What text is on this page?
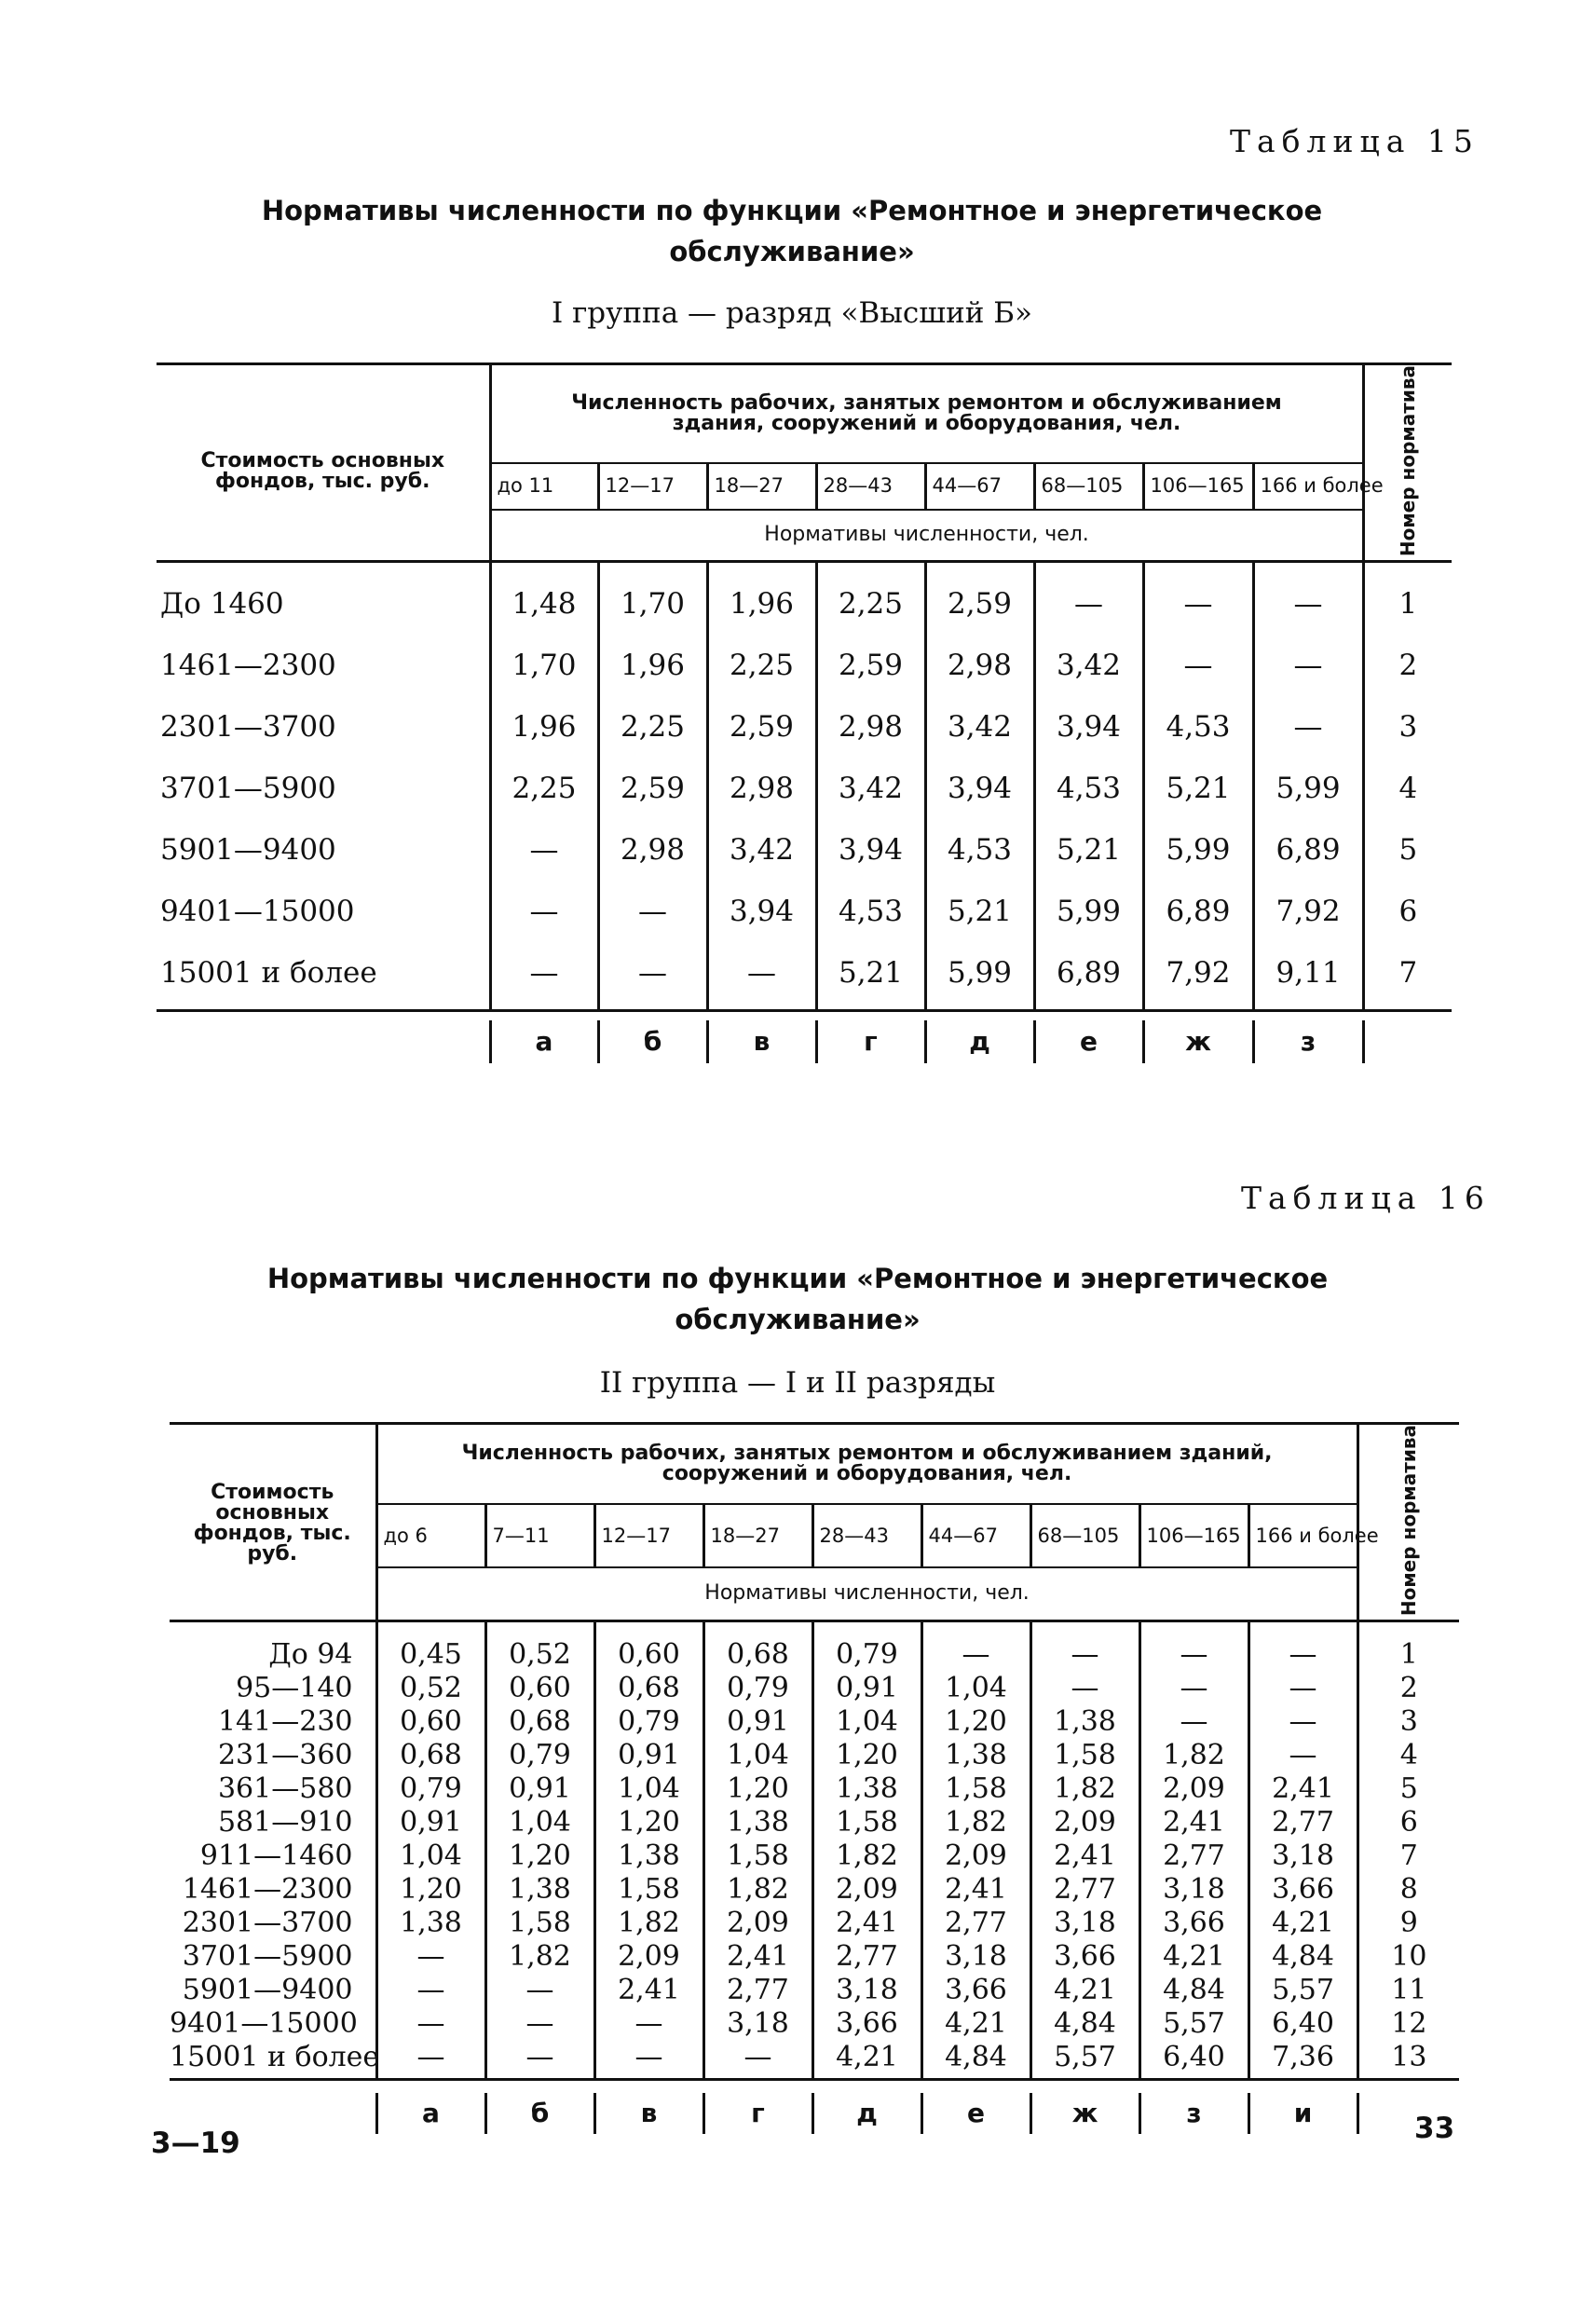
Таблица 15
Нормативы численности по функции «Ремонтное и энергетическое
обслуживание»
I группа — разряд «Высший Б»
Стоимость основных фондов, тыс. руб.	Численность рабочих, занятых ремонтом и обслуживанием здания, сооружений и оборудования, чел.								Номер норматива
	до 11	12—17	18—27	28—43	44—67	68—105	106—165	166 и более	
	Нормативы численности, чел.								

До 1460	1,48	1,70	1,96	2,25	2,59	—	—	—	1
1461—2300	1,70	1,96	2,25	2,59	2,98	3,42	—	—	2
2301—3700	1,96	2,25	2,59	2,98	3,42	3,94	4,53	—	3
3701—5900	2,25	2,59	2,98	3,42	3,94	4,53	5,21	5,99	4
5901—9400	—	2,98	3,42	3,94	4,53	5,21	5,99	6,89	5
9401—15000	—	—	3,94	4,53	5,21	5,99	6,89	7,92	6
15001 и более	—	—	—	5,21	5,99	6,89	7,92	9,11	7

	а	б	в	г	д	е	ж	з	
Таблица 16
Нормативы численности по функции «Ремонтное и энергетическое
обслуживание»
II группа — I и II разряды
Стоимость основных фондов, тыс. руб.	Численность рабочих, занятых ремонтом и обслуживанием зданий, сооружений и оборудования, чел.									Номер норматива
	до 6	7—11	12—17	18—27	28—43	44—67	68—105	106—165	166 и более	
	Нормативы численности, чел.									

До 94	0,45	0,52	0,60	0,68	0,79	—	—	—	—	1
95—140	0,52	0,60	0,68	0,79	0,91	1,04	—	—	—	2
141—230	0,60	0,68	0,79	0,91	1,04	1,20	1,38	—	—	3
231—360	0,68	0,79	0,91	1,04	1,20	1,38	1,58	1,82	—	4
361—580	0,79	0,91	1,04	1,20	1,38	1,58	1,82	2,09	2,41	5
581—910	0,91	1,04	1,20	1,38	1,58	1,82	2,09	2,41	2,77	6
911—1460	1,04	1,20	1,38	1,58	1,82	2,09	2,41	2,77	3,18	7
1461—2300	1,20	1,38	1,58	1,82	2,09	2,41	2,77	3,18	3,66	8
2301—3700	1,38	1,58	1,82	2,09	2,41	2,77	3,18	3,66	4,21	9
3701—5900	—	1,82	2,09	2,41	2,77	3,18	3,66	4,21	4,84	10
5901—9400	—	—	2,41	2,77	3,18	3,66	4,21	4,84	5,57	11
9401—15000	—	—	—	3,18	3,66	4,21	4,84	5,57	6,40	12
15001 и более	—	—	—	—	4,21	4,84	5,57	6,40	7,36	13

	а	б	в	г	д	е	ж	з	и	
3—19	33
